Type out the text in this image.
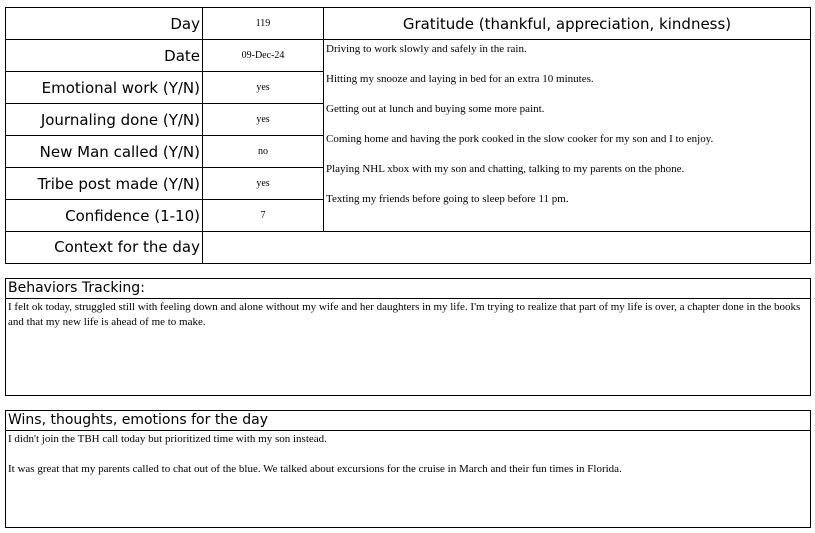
Day	119
Date	09-Dec-24
Emotional work (Y/N)	yes
Journaling done (Y/N)	yes
New Man called (Y/N)	no
Tribe post made (Y/N)	yes
Confidence (1-10)	7
Context for the day
Gratitude (thankful, appreciation, kindness)
Driving to work slowly and safely in the rain.
Hitting my snooze and laying in bed for an extra 10 minutes.
Getting out at lunch and buying some more paint.
Coming home and having the pork cooked in the slow cooker for my son and I to enjoy.
Playing NHL xbox with my son and chatting, talking to my parents on the phone.
Texting my friends before going to sleep before 11 pm.
Behaviors Tracking:

I felt ok today, struggled still with feeling down and alone without my wife and her daughters in my life. I'm trying to realize that part of my life is over, a chapter done in the books and that my new life is ahead of me to make.

Wins, thoughts, emotions for the day

I didn't join the TBH call today but prioritized time with my son instead.

It was great that my parents called to chat out of the blue. We talked about excursions for the cruise in March and their fun times in Florida.
